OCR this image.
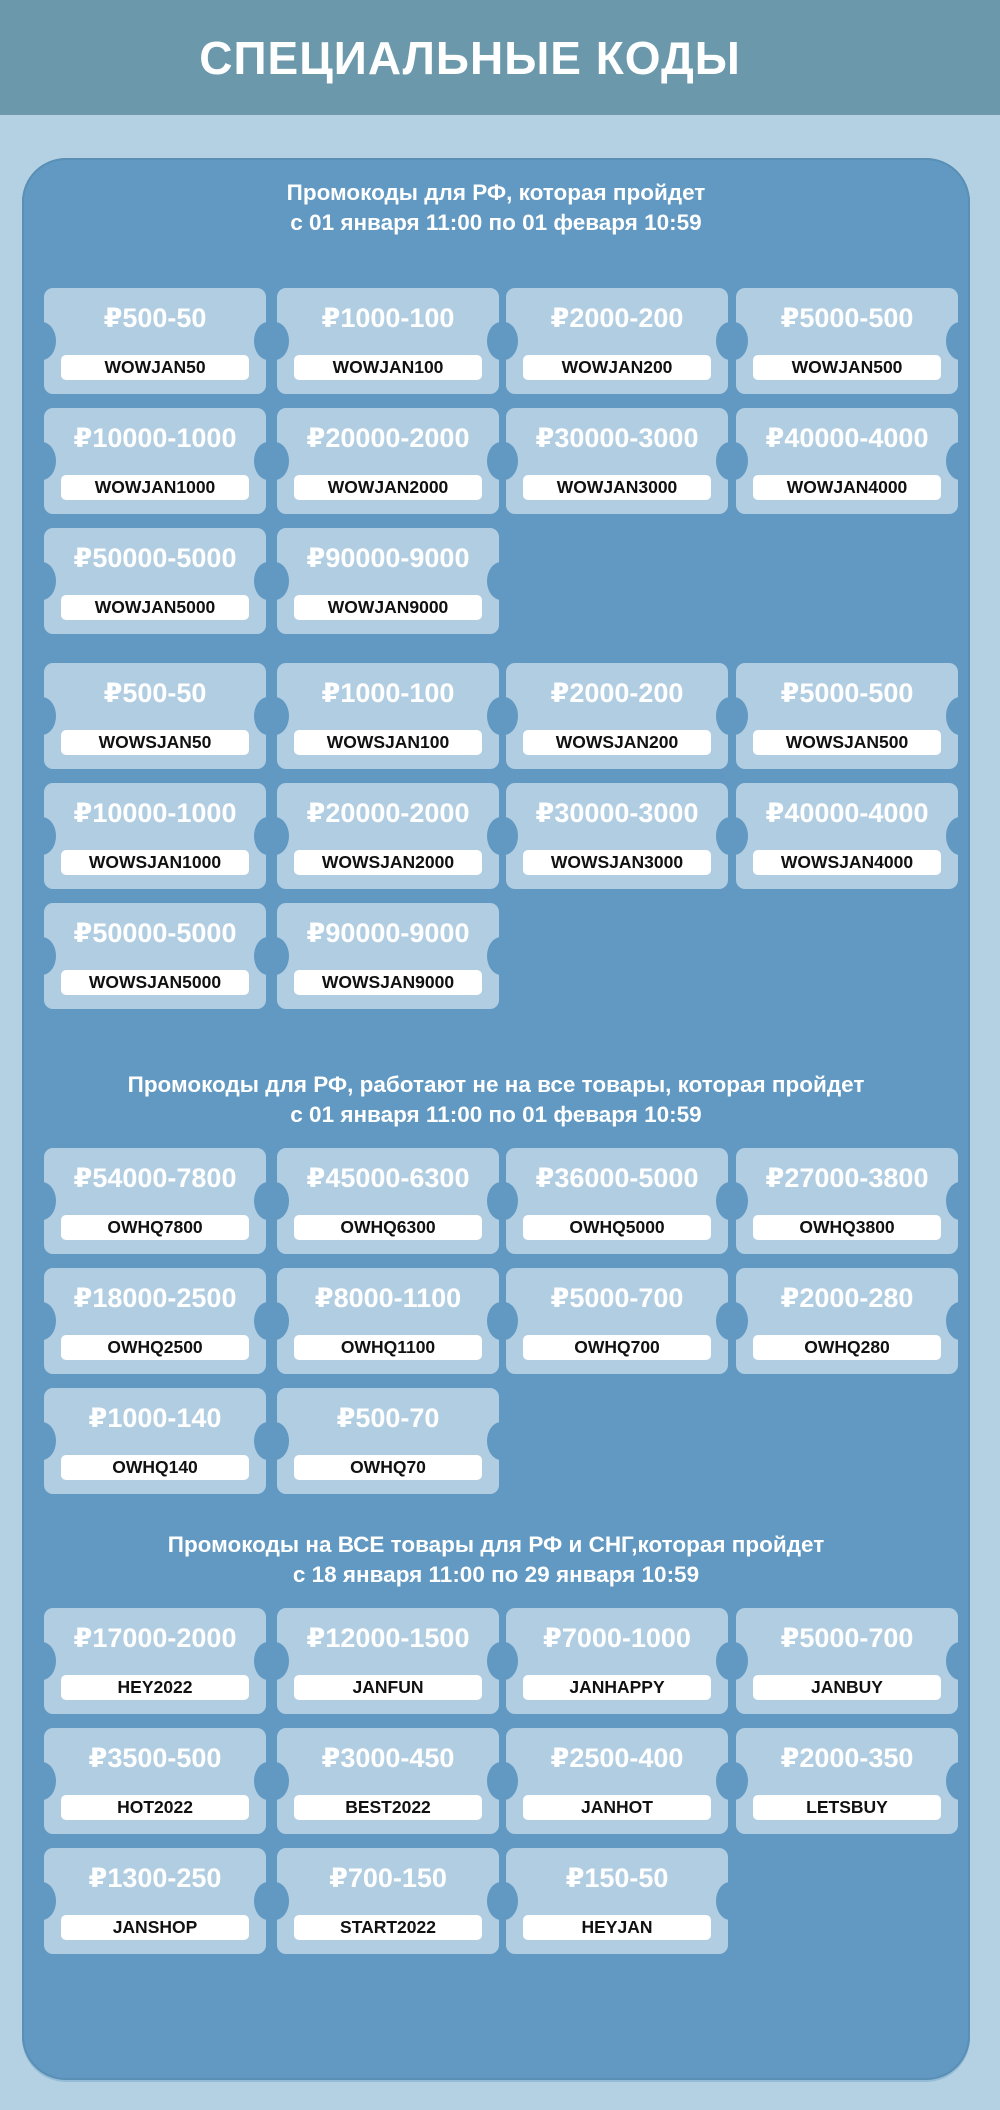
СПЕЦИАЛЬНЫЕ КОДЫ
Промокоды для РФ, которая пройдет
с 01 января 11:00 по 01 феваря 10:59
₽500-50
WOWJAN50
₽1000-100
WOWJAN100
₽2000-200
WOWJAN200
₽5000-500
WOWJAN500
₽10000-1000
WOWJAN1000
₽20000-2000
WOWJAN2000
₽30000-3000
WOWJAN3000
₽40000-4000
WOWJAN4000
₽50000-5000
WOWJAN5000
₽90000-9000
WOWJAN9000
₽500-50
WOWSJAN50
₽1000-100
WOWSJAN100
₽2000-200
WOWSJAN200
₽5000-500
WOWSJAN500
₽10000-1000
WOWSJAN1000
₽20000-2000
WOWSJAN2000
₽30000-3000
WOWSJAN3000
₽40000-4000
WOWSJAN4000
₽50000-5000
WOWSJAN5000
₽90000-9000
WOWSJAN9000
Промокоды для РФ, работают не на все товары, которая пройдет
с 01 января 11:00 по 01 феваря 10:59
₽54000-7800
OWHQ7800
₽45000-6300
OWHQ6300
₽36000-5000
OWHQ5000
₽27000-3800
OWHQ3800
₽18000-2500
OWHQ2500
₽8000-1100
OWHQ1100
₽5000-700
OWHQ700
₽2000-280
OWHQ280
₽1000-140
OWHQ140
₽500-70
OWHQ70
Промокоды на ВСЕ товары для РФ и СНГ,которая пройдет
с 18 января 11:00 по 29 января 10:59
₽17000-2000
HEY2022
₽12000-1500
JANFUN
₽7000-1000
JANHAPPY
₽5000-700
JANBUY
₽3500-500
HOT2022
₽3000-450
BEST2022
₽2500-400
JANHOT
₽2000-350
LETSBUY
₽1300-250
JANSHOP
₽700-150
START2022
₽150-50
HEYJAN
